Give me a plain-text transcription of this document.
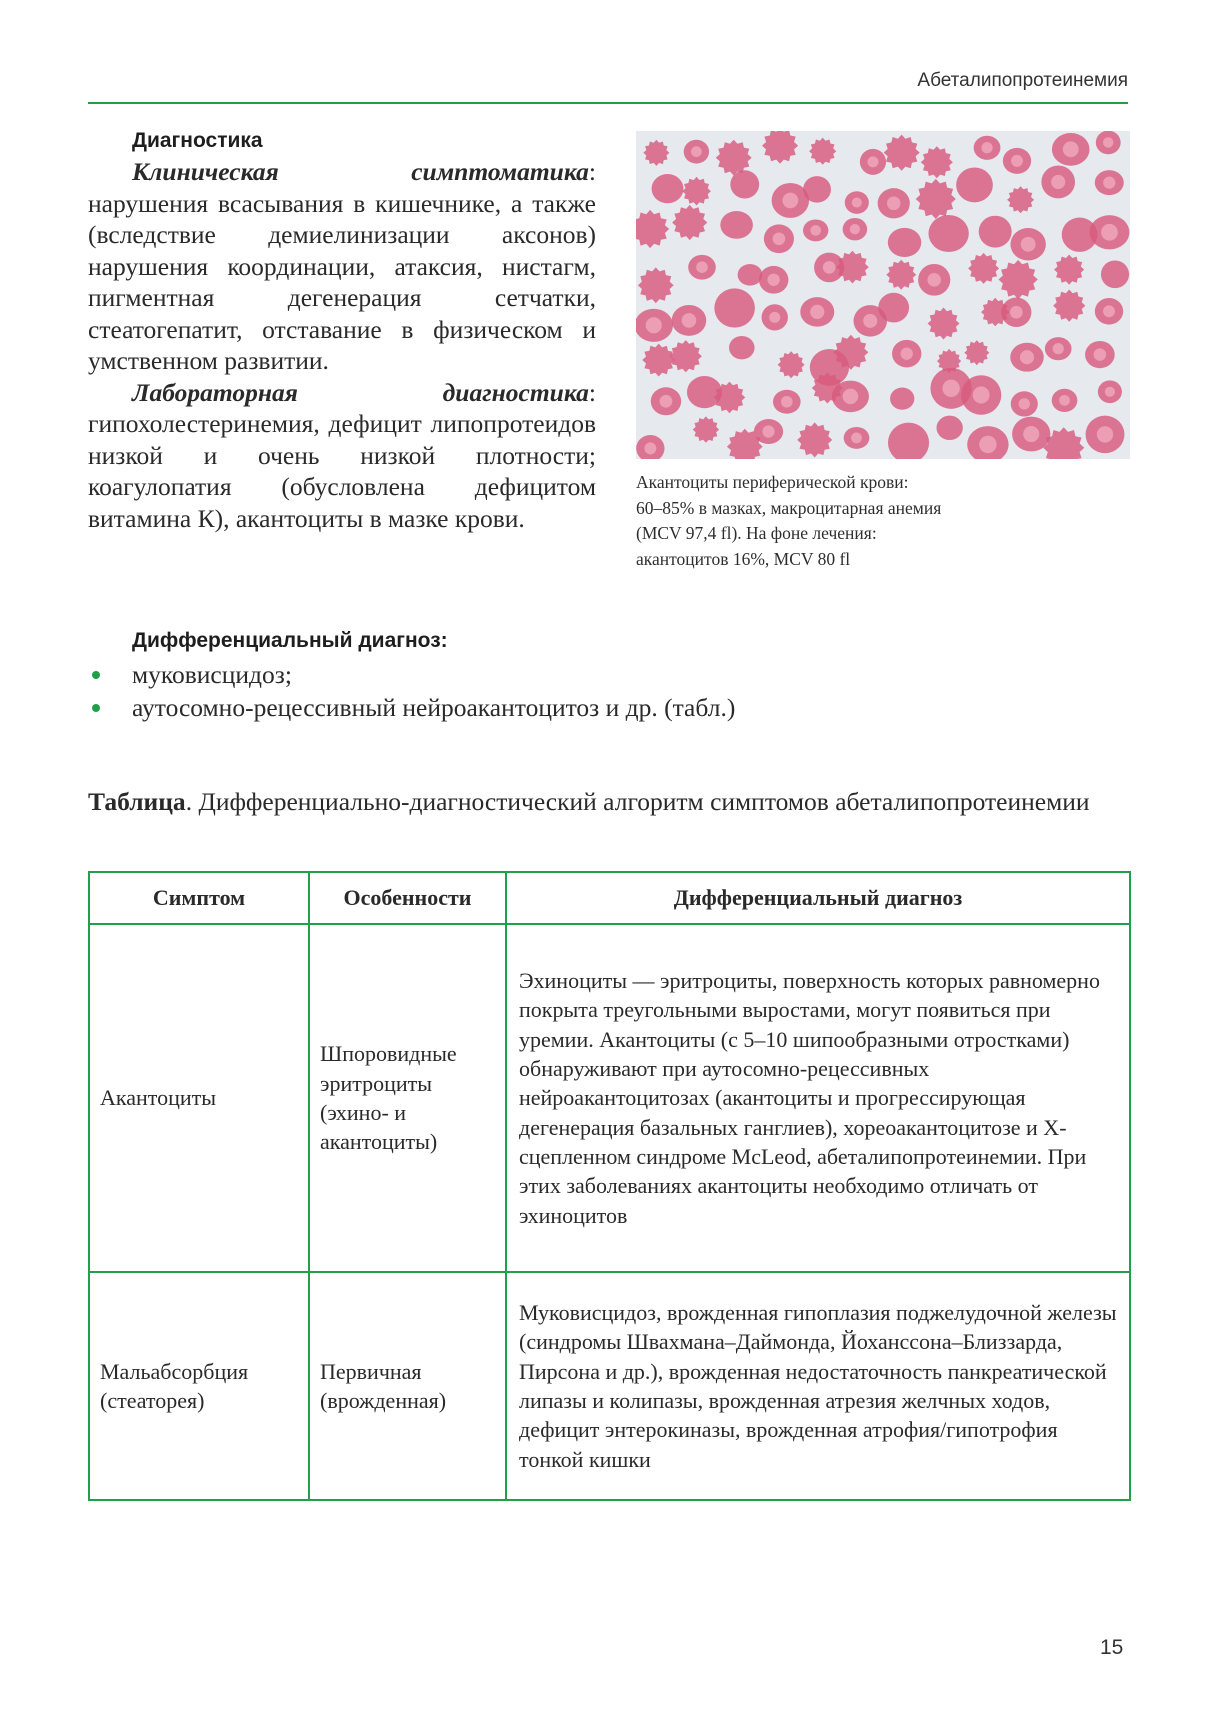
Абеталипопротеинемия
Диагностика

Клиническая симптоматика: нарушения всасывания в кишечнике, а также (вследствие демиелинизации аксонов) нарушения координации, атаксия, нистагм, пигментная дегенерация сетчатки, стеатогепатит, отставание в физическом и умственном развитии.

Лабораторная диагностика: гипохолестеринемия, дефицит липопротеидов низкой и очень низкой плотности; коагулопатия (обусловлена дефицитом витамина К), акантоциты в мазке крови.

Акантоциты периферической крови:
60–85% в мазках, макроцитарная анемия
(MCV 97,4 fl). На фоне лечения:
акантоцитов 16%, MCV 80 fl
Дифференциальный диагноз:
муковисцидоз;
аутосомно-рецессивный нейроакантоцитоз и др. (табл.)

Таблица. Дифференциально-диагностический алгоритм симптомов абеталипопротеинемии

Симптом	Особенности	Дифференциальный диагноз
Акантоциты	Шпоровидные эритроциты (эхино- и акантоциты)	Эхиноциты — эритроциты, поверхность которых равномерно покрыта треугольными выростами, могут появиться при уремии. Акантоциты (с 5–10 шипообразными отростками) обнаруживают при аутосомно-рецессивных нейроакантоцитозах (акантоциты и прогрессирующая дегенерация базальных ганглиев), хореоакантоцитозе и Х-сцепленном синдроме McLeod, абеталипопротеинемии. При этих заболеваниях акантоциты необходимо отличать от эхиноцитов
Мальабсорбция (стеаторея)	Первичная (врожденная)	Муковисцидоз, врожденная гипоплазия поджелудочной железы (синдромы Швахмана–Даймонда, Йохансcона–Близзарда, Пирсона и др.), врожденная недостаточность панкреатической липазы и колипазы, врожденная атрезия желчных ходов, дефицит энтерокиназы, врожденная атрофия/гипотрофия тонкой кишки
15
